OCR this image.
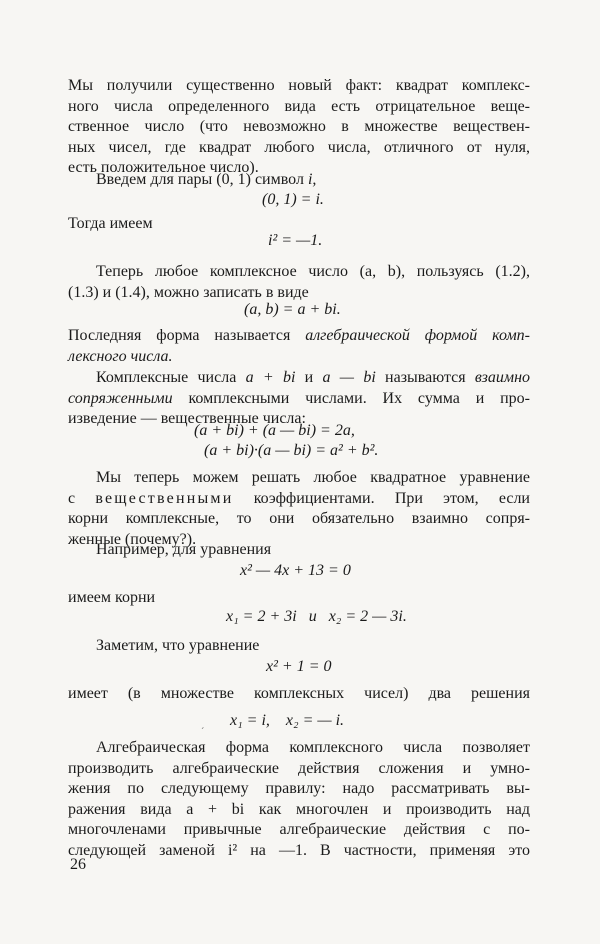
Мы получили существенно новый факт: квадрат комплекс-
ного числа определенного вида есть отрицательное веще-
ственное число (что невозможно в множестве веществен-
ных чисел, где квадрат любого числа, отличного от нуля,
есть положительное число).
Введем для пары (0, 1) символ i,
(0, 1) = i.
Тогда имеем
i² = —1.
Теперь любое комплексное число (a, b), пользуясь (1.2),
(1.3) и (1.4), можно записать в виде
(a, b) = a + bi.
Последняя форма называется алгебраической формой комп-
лексного числа.
Комплексные числа a + bi и a — bi называются взаимно
сопряженными комплексными числами. Их сумма и про-
изведение — вещественные числа:
(a + bi) + (a — bi) = 2a,
(a + bi)·(a — bi) = a² + b².
Мы теперь можем решать любое квадратное уравнение
с вещественными коэффициентами. При этом, если
корни комплексные, то они обязательно взаимно сопря-
женные (почему?).
Например, для уравнения
x² — 4x + 13 = 0
имеем корни
x₁ = 2 + 3i   и   x₂ = 2 — 3i.
Заметим, что уравнение
x² + 1 = 0
имеет (в множестве комплексных чисел) два решения
ˊ
x₁ = i,    x₂ = — i.
Алгебраическая форма комплексного числа позволяет
производить алгебраические действия сложения и умно-
жения по следующему правилу: надо рассматривать вы-
ражения вида a + bi как многочлен и производить над
многочленами привычные алгебраические действия с по-
следующей заменой i² на —1. В частности, применяя это
26
